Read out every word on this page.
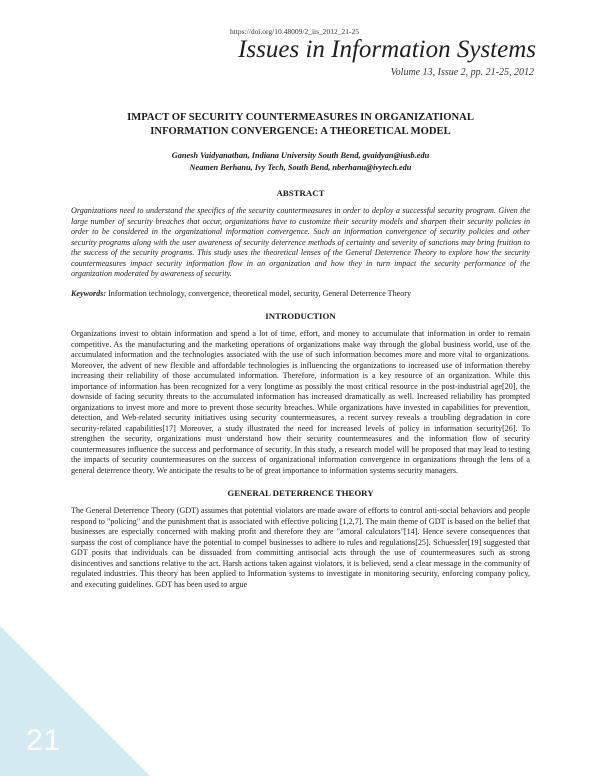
21
https://doi.org/10.48009/2_iis_2012_21-25
Issues in Information Systems
Volume 13, Issue 2, pp. 21-25, 2012
IMPACT OF SECURITY COUNTERMEASURES IN ORGANIZATIONAL
INFORMATION CONVERGENCE: A THEORETICAL MODEL
Ganesh Vaidyanathan, Indiana University South Bend, gvaidyan@iusb.edu
Neamen Berhanu, Ivy Tech, South Bend, nberhanu@ivytech.edu
ABSTRACT

Organizations need to understand the specifics of the security countermeasures in order to deploy a successful security program. Given the large number of security breaches that occur, organizations have to customize their security models and sharpen their security policies in order to be considered in the organizational information convergence. Such an information convergence of security policies and other security programs along with the user awareness of security deterrence methods of certainty and severity of sanctions may bring fruition to the success of the security programs. This study uses the theoretical lenses of the General Deterrence Theory to explore how the security countermeasures impact security information flow in an organization and how they in turn impact the security performance of the organization moderated by awareness of security.

Keywords: Information technology, convergence, theoretical model, security, General Deterrence Theory

INTRODUCTION

Organizations invest to obtain information and spend a lot of time, effort, and money to accumulate that information in order to remain competitive. As the manufacturing and the marketing operations of organizations make way through the global business world, use of the accumulated information and the technologies associated with the use of such information becomes more and more vital to organizations. Moreover, the advent of new flexible and affordable technologies is influencing the organizations to increased use of information thereby increasing their reliability of those accumulated information. Therefore, information is a key resource of an organization. While this importance of information has been recognized for a very longtime as possibly the most critical resource in the post-industrial age[20], the downside of facing security threats to the accumulated information has increased dramatically as well. Increased reliability has prompted organizations to invest more and more to prevent those security breaches. While organizations have invested in capabilities for prevention, detection, and Web-related security initiatives using security countermeasures, a recent survey reveals a troubling degradation in core security-related capabilities[17] Moreover, a study illustrated the need for increased levels of policy in information security[26]. To strengthen the security, organizations must understand how their security countermeasures and the information flow of security countermeasures influence the success and performance of security. In this study, a research model will be proposed that may lead to testing the impacts of security countermeasures on the success of organizational information convergence in organizations through the lens of a general deterrence theory. We anticipate the results to be of great importance to information systems security managers.

GENERAL DETERRENCE THEORY

The General Deterrence Theory (GDT) assumes that potential violators are made aware of efforts to control anti-social behaviors and people respond to "policing" and the punishment that is associated with effective policing [1,2,7]. The main theme of GDT is based on the belief that businesses are especially concerned with making profit and therefore they are "amoral calculators"[14]. Hence severe consequences that surpass the cost of compliance have the potential to compel businesses to adhere to rules and regulations[25]. Schuessler[19] suggested that GDT posits that individuals can be dissuaded from committing antisocial acts through the use of countermeasures such as strong disincentives and sanctions relative to the act. Harsh actions taken against violators, it is believed, send a clear message in the community of regulated industries. This theory has been applied to Information systems to investigate in monitoring security, enforcing company policy, and executing guidelines. GDT has been used to argue
